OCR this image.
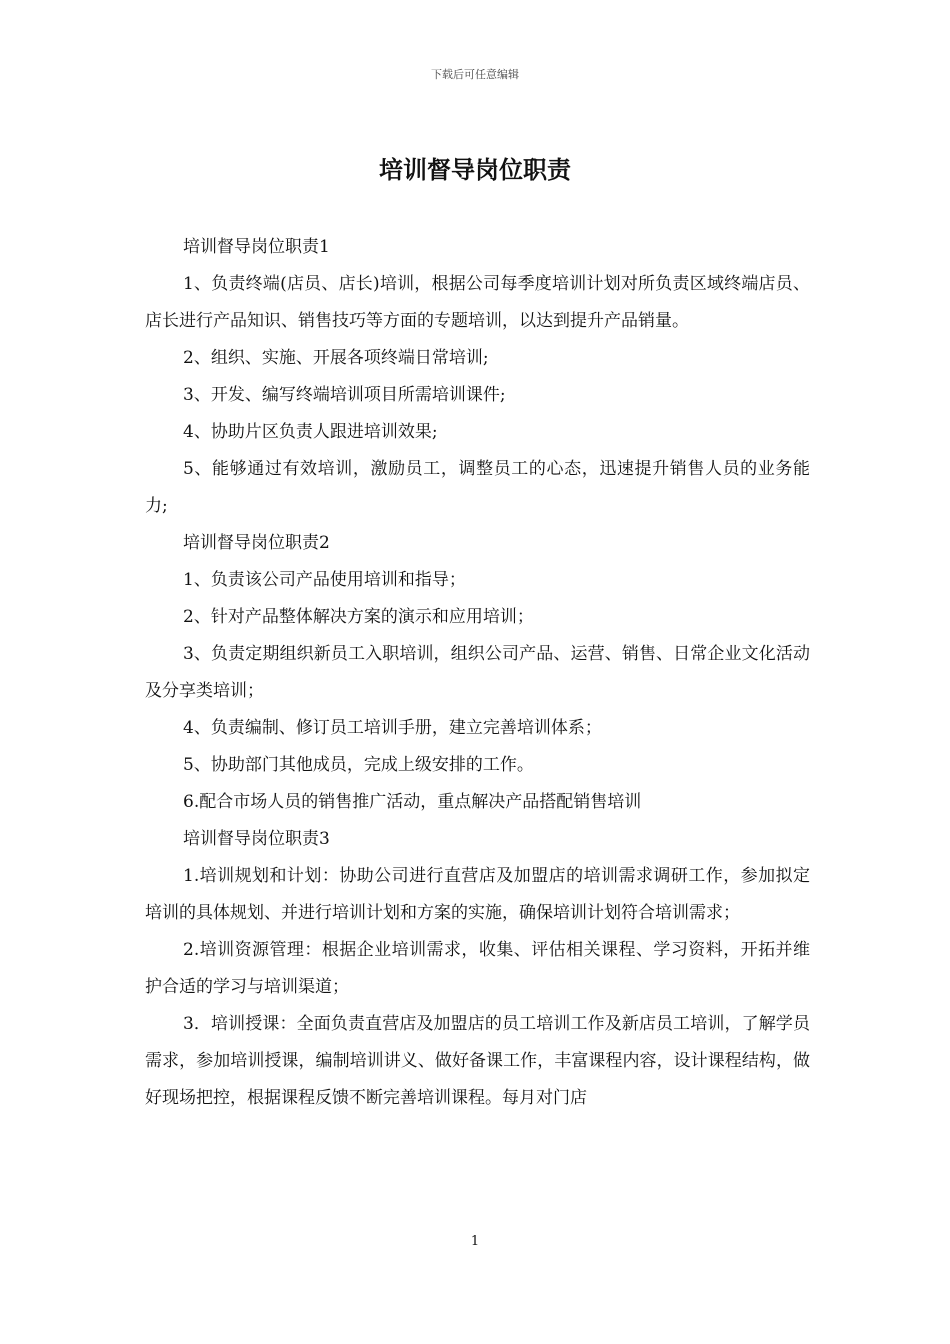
下载后可任意编辑
培训督导岗位职责

培训督导岗位职责1

1、负责终端(店员、店长)培训，根据公司每季度培训计划对所负责区域终端店员、店长进行产品知识、销售技巧等方面的专题培训，以达到提升产品销量。

2、组织、实施、开展各项终端日常培训;

3、开发、编写终端培训项目所需培训课件;

4、协助片区负责人跟进培训效果;

5、能够通过有效培训，激励员工，调整员工的心态，迅速提升销售人员的业务能力;

培训督导岗位职责2

1、负责该公司产品使用培训和指导；

2、针对产品整体解决方案的演示和应用培训；

3、负责定期组织新员工入职培训，组织公司产品、运营、销售、日常企业文化活动及分享类培训；

4、负责编制、修订员工培训手册，建立完善培训体系；

5、协助部门其他成员，完成上级安排的工作。

6.配合市场人员的销售推广活动，重点解决产品搭配销售培训

培训督导岗位职责3

1.培训规划和计划：协助公司进行直营店及加盟店的培训需求调研工作，参加拟定培训的具体规划、并进行培训计划和方案的实施，确保培训计划符合培训需求；

2.培训资源管理：根据企业培训需求，收集、评估相关课程、学习资料，开拓并维护合适的学习与培训渠道；

3．培训授课：全面负责直营店及加盟店的员工培训工作及新店员工培训，了解学员需求，参加培训授课，编制培训讲义、做好备课工作，丰富课程内容，设计课程结构，做好现场把控，根据课程反馈不断完善培训课程。每月对门店

1
